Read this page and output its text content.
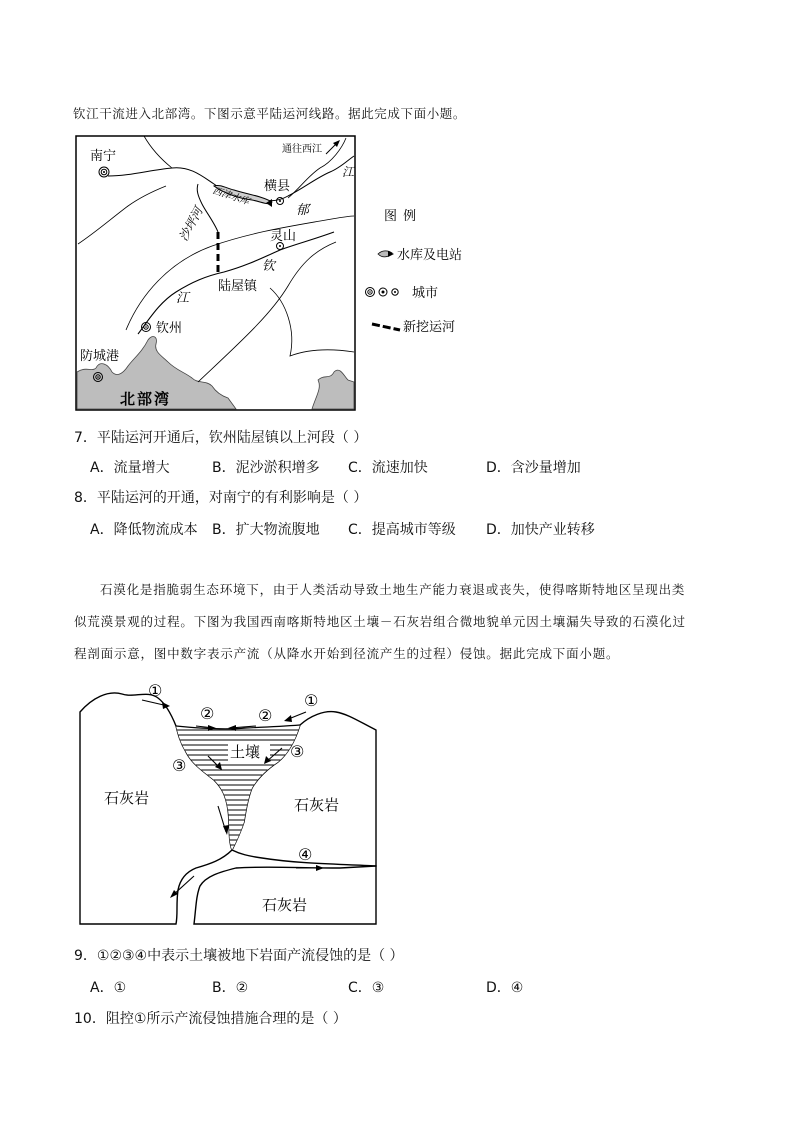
钦江干流进入北部湾。下图示意平陆运河线路。据此完成下面小题。
南宁	通往西江
江
西津水库 横县
郁
沙坪河	灵山
钦
陆屋镇
江
钦州
防城港
北部湾
图 例
水库及电站
城市
新挖运河
7．平陆运河开通后，钦州陆屋镇以上河段（ ）
A．流量增大	B．泥沙淤积增多 C．流速加快	D．含沙量增加
8．平陆运河的开通，对南宁的有利影响是（ ）
A．降低物流成本 B．扩大物流腹地 C．提高城市等级 D．加快产业转移
石漠化是指脆弱生态环境下，由于人类活动导致土地生产能力衰退或丧失，使得喀斯特地区呈现出类
似荒漠景观的过程。下图为我国西南喀斯特地区土壤－石灰岩组合微地貌单元因土壤漏失导致的石漠化过
程剖面示意，图中数字表示产流（从降水开始到径流产生的过程）侵蚀。据此完成下面小题。
土壤
石灰岩	石灰岩
石灰岩
①
①
②	②
③
③
④
9．①②③④中表示土壤被地下岩面产流侵蚀的是（ ）
A．①	B．②	C．③	D．④
10．阻控①所示产流侵蚀措施合理的是（ ）
